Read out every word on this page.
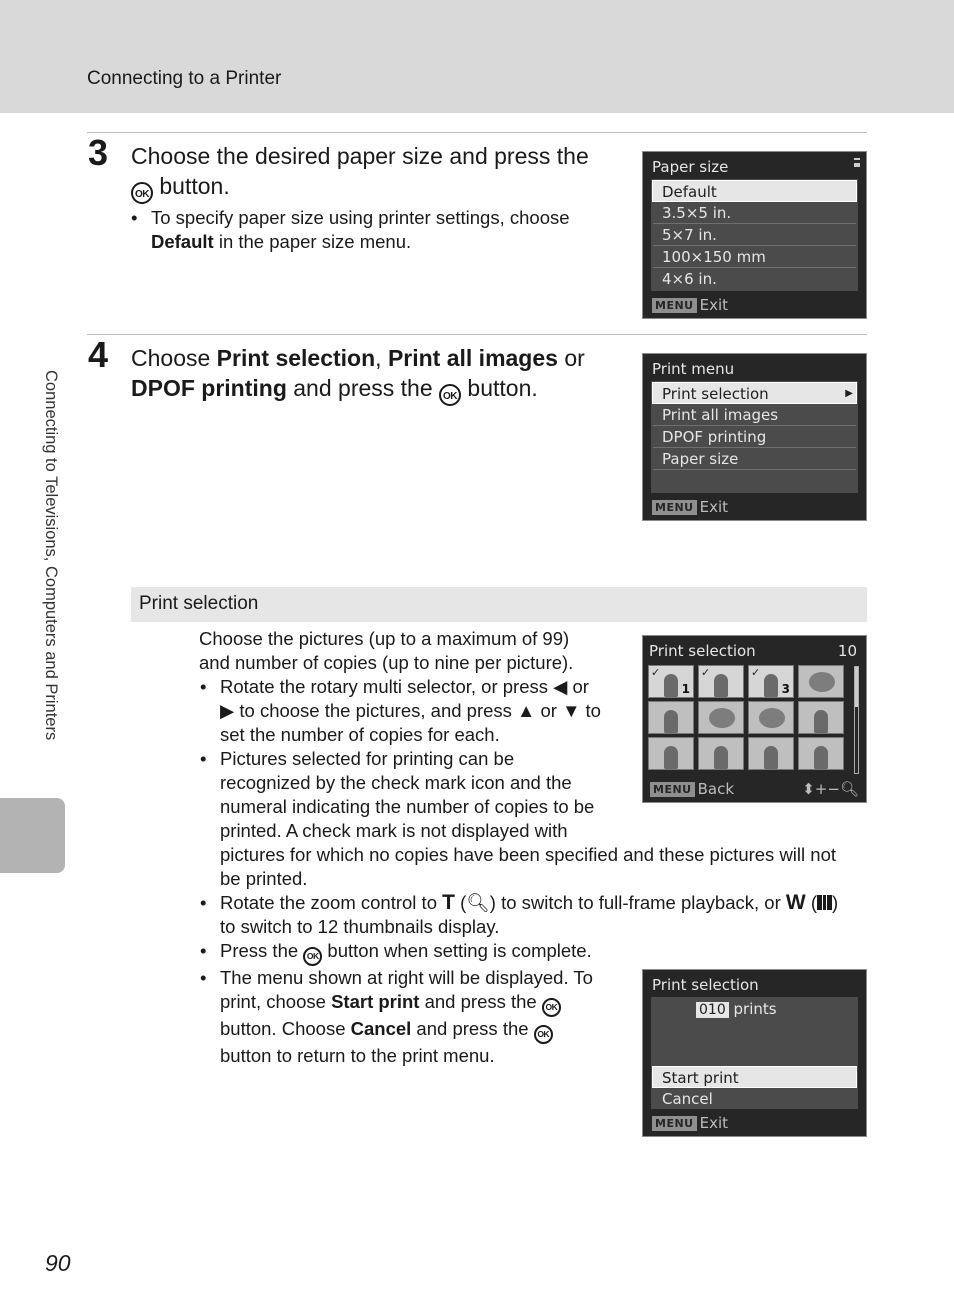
Connecting to a Printer
Connecting to Televisions, Computers and Printers
3 Choose the desired paper size and press the
OK button.
• To specify paper size using printer settings, choose
Default in the paper size menu.
Paper size
Default
3.5×5 in.
5×7 in.
100×150 mm
4×6 in.
MENU Exit
4 Choose Print selection, Print all images or
DPOF printing and press the OK button.
Print menu
Print selection	▶
Print all images
DPOF printing
Paper size
MENU Exit
Print selection
Choose the pictures (up to a maximum of 99)
and number of copies (up to nine per picture).
• Rotate the rotary multi selector, or press ◀ or
▶ to choose the pictures, and press ▲ or ▼ to
set the number of copies for each.
• Pictures selected for printing can be
recognized by the check mark icon and the
numeral indicating the number of copies to be
printed. A check mark is not displayed with
pictures for which no copies have been specified and these pictures will not
be printed.
• Rotate the zoom control to T (🔍︎) to switch to full-frame playback, or W ( )
to switch to 12 thumbnails display.
• Press the OK button when setting is complete.
• The menu shown at right will be displayed. To
print, choose Start print and press the OK
button. Choose Cancel and press the OK
button to return to the print menu.
Print selection	10
✓
1
✓	✓
3
MENU Back	⬍+−🔍︎
Print selection
010 prints
Start print
Cancel
MENU Exit
90
